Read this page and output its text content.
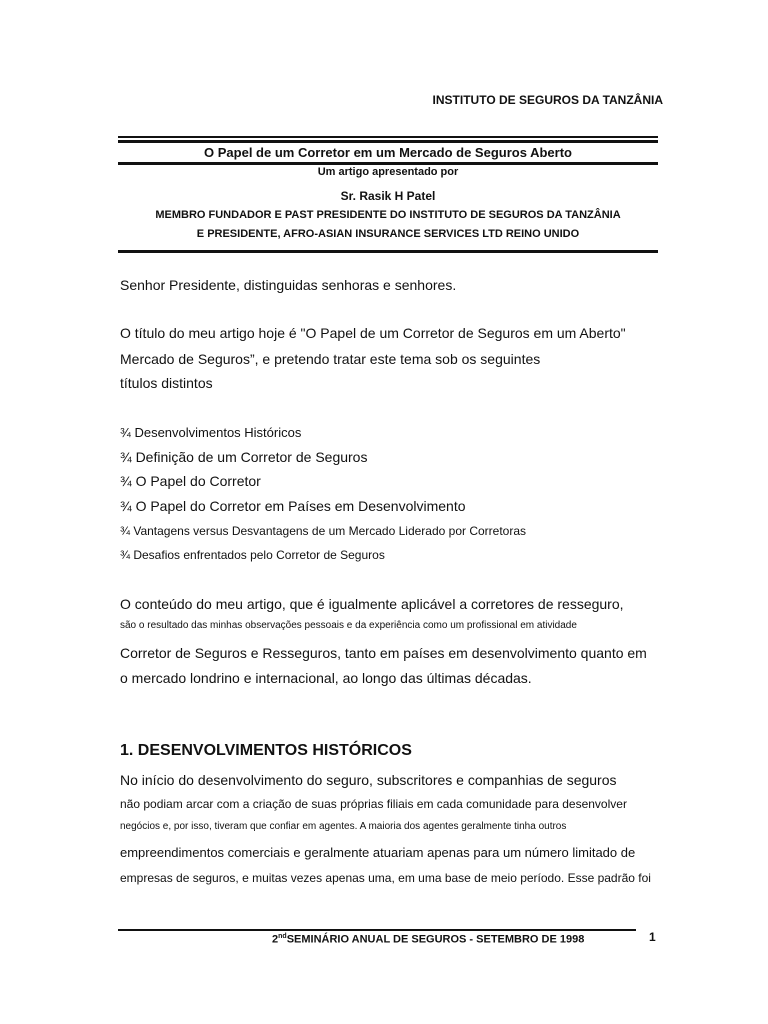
INSTITUTO DE SEGUROS DA TANZÂNIA
O Papel de um Corretor em um Mercado de Seguros Aberto
Um artigo apresentado por
Sr. Rasik H Patel
MEMBRO FUNDADOR E PAST PRESIDENTE DO INSTITUTO DE SEGUROS DA TANZÂNIA
E PRESIDENTE, AFRO-ASIAN INSURANCE SERVICES LTD REINO UNIDO
Senhor Presidente, distinguidas senhoras e senhores.
O título do meu artigo hoje é "O Papel de um Corretor de Seguros em um Aberto"
Mercado de Seguros”, e pretendo tratar este tema sob os seguintes
títulos distintos
¾ Desenvolvimentos Históricos
¾ Definição de um Corretor de Seguros
¾ O Papel do Corretor
¾ O Papel do Corretor em Países em Desenvolvimento
¾ Vantagens versus Desvantagens de um Mercado Liderado por Corretoras
¾ Desafios enfrentados pelo Corretor de Seguros
O conteúdo do meu artigo, que é igualmente aplicável a corretores de resseguro,
são o resultado das minhas observações pessoais e da experiência como um profissional em atividade
Corretor de Seguros e Resseguros, tanto em países em desenvolvimento quanto em
o mercado londrino e internacional, ao longo das últimas décadas.
1. DESENVOLVIMENTOS HISTÓRICOS
No início do desenvolvimento do seguro, subscritores e companhias de seguros
não podiam arcar com a criação de suas próprias filiais em cada comunidade para desenvolver
negócios e, por isso, tiveram que confiar em agentes. A maioria dos agentes geralmente tinha outros
empreendimentos comerciais e geralmente atuariam apenas para um número limitado de
empresas de seguros, e muitas vezes apenas uma, em uma base de meio período. Esse padrão foi
2ndSEMINÁRIO ANUAL DE SEGUROS - SETEMBRO DE 1998	1
